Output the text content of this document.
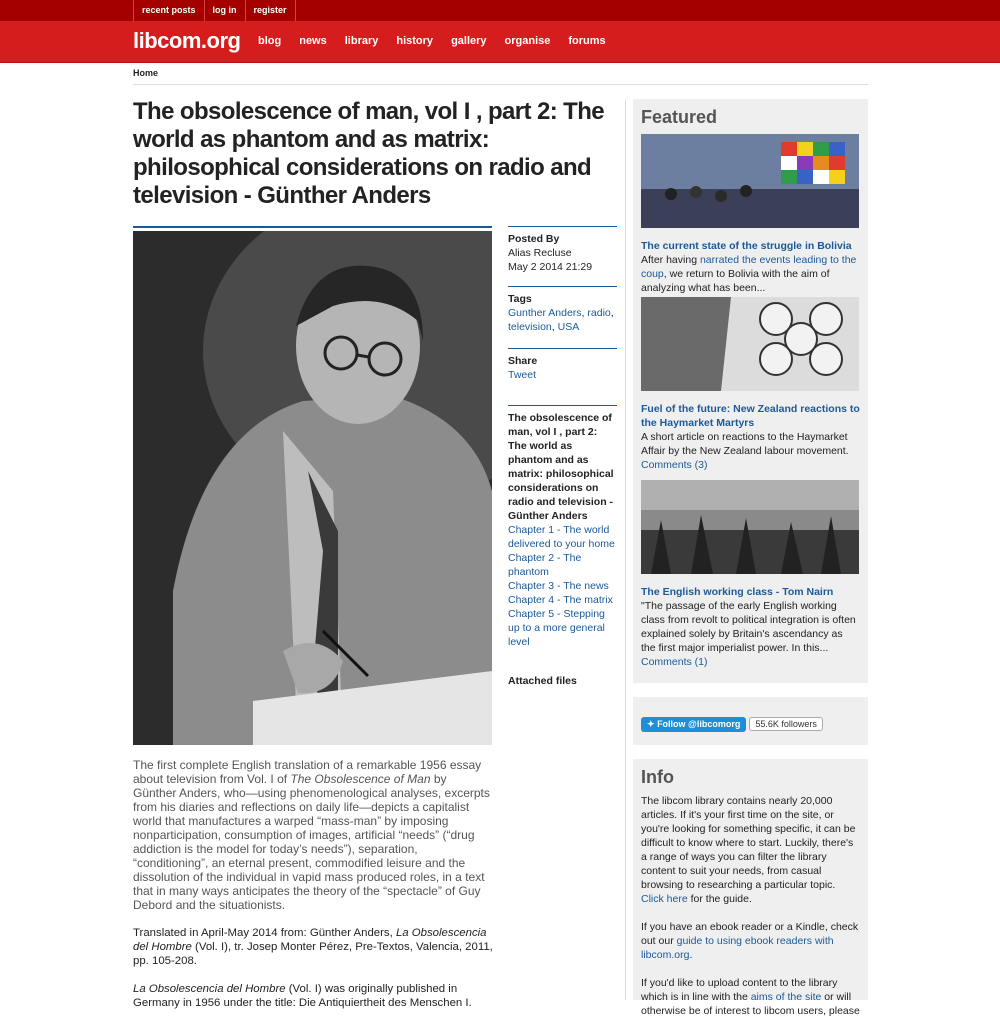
recent posts	log in	register
libcom.org blog news library history gallery organise forums
Home
The obsolescence of man, vol I , part 2: The world as phantom and as matrix: philosophical considerations on radio and television - Günther Anders
Posted By
Alias Recluse
May 2 2014 21:29
Tags
Gunther Anders, radio, television, USA
Share
Tweet
The obsolescence of man, vol I , part 2: The world as phantom and as matrix: philosophical considerations on radio and television - Günther Anders
Chapter 1 - The world delivered to your home
Chapter 2 - The phantom
Chapter 3 - The news
Chapter 4 - The matrix
Chapter 5 - Stepping up to a more general level
Attached files

The first complete English translation of a remarkable 1956 essay about television from Vol. I of The Obsolescence of Man by Günther Anders, who—using phenomenological analyses, excerpts from his diaries and reflections on daily life—depicts a capitalist world that manufactures a warped “mass-man” by imposing nonparticipation, consumption of images, artificial “needs” (“drug addiction is the model for today’s needs”), separation, “conditioning”, an eternal present, commodified leisure and the dissolution of the individual in vapid mass produced roles, in a text that in many ways anticipates the theory of the “spectacle” of Guy Debord and the situationists.

Translated in April-May 2014 from: Günther Anders, La Obsolescencia del Hombre (Vol. I), tr. Josep Monter Pérez, Pre-Textos, Valencia, 2011, pp. 105-208.

La Obsolescencia del Hombre (Vol. I) was originally published in Germany in 1956 under the title: Die Antiquiertheit des Menschen I.

Featured
The current state of the struggle in Bolivia
After having narrated the events leading to the coup, we return to Bolivia with the aim of analyzing what has been...
Fuel of the future: New Zealand reactions to the Haymarket Martyrs
A short article on reactions to the Haymarket Affair by the New Zealand labour movement.
Comments (3)
The English working class - Tom Nairn
"The passage of the early English working class from revolt to political integration is often explained solely by Britain's ascendancy as the first major imperialist power. In this...
Comments (1)
✦ Follow @libcomorg 55.6K followers
Info

The libcom library contains nearly 20,000 articles. If it's your first time on the site, or you're looking for something specific, it can be difficult to know where to start. Luckily, there's a range of ways you can filter the library content to suit your needs, from casual browsing to researching a particular topic. Click here for the guide.

If you have an ebook reader or a Kindle, check out our guide to using ebook readers with libcom.org.

If you'd like to upload content to the library which is in line with the aims of the site or will otherwise be of interest to libcom users, please
